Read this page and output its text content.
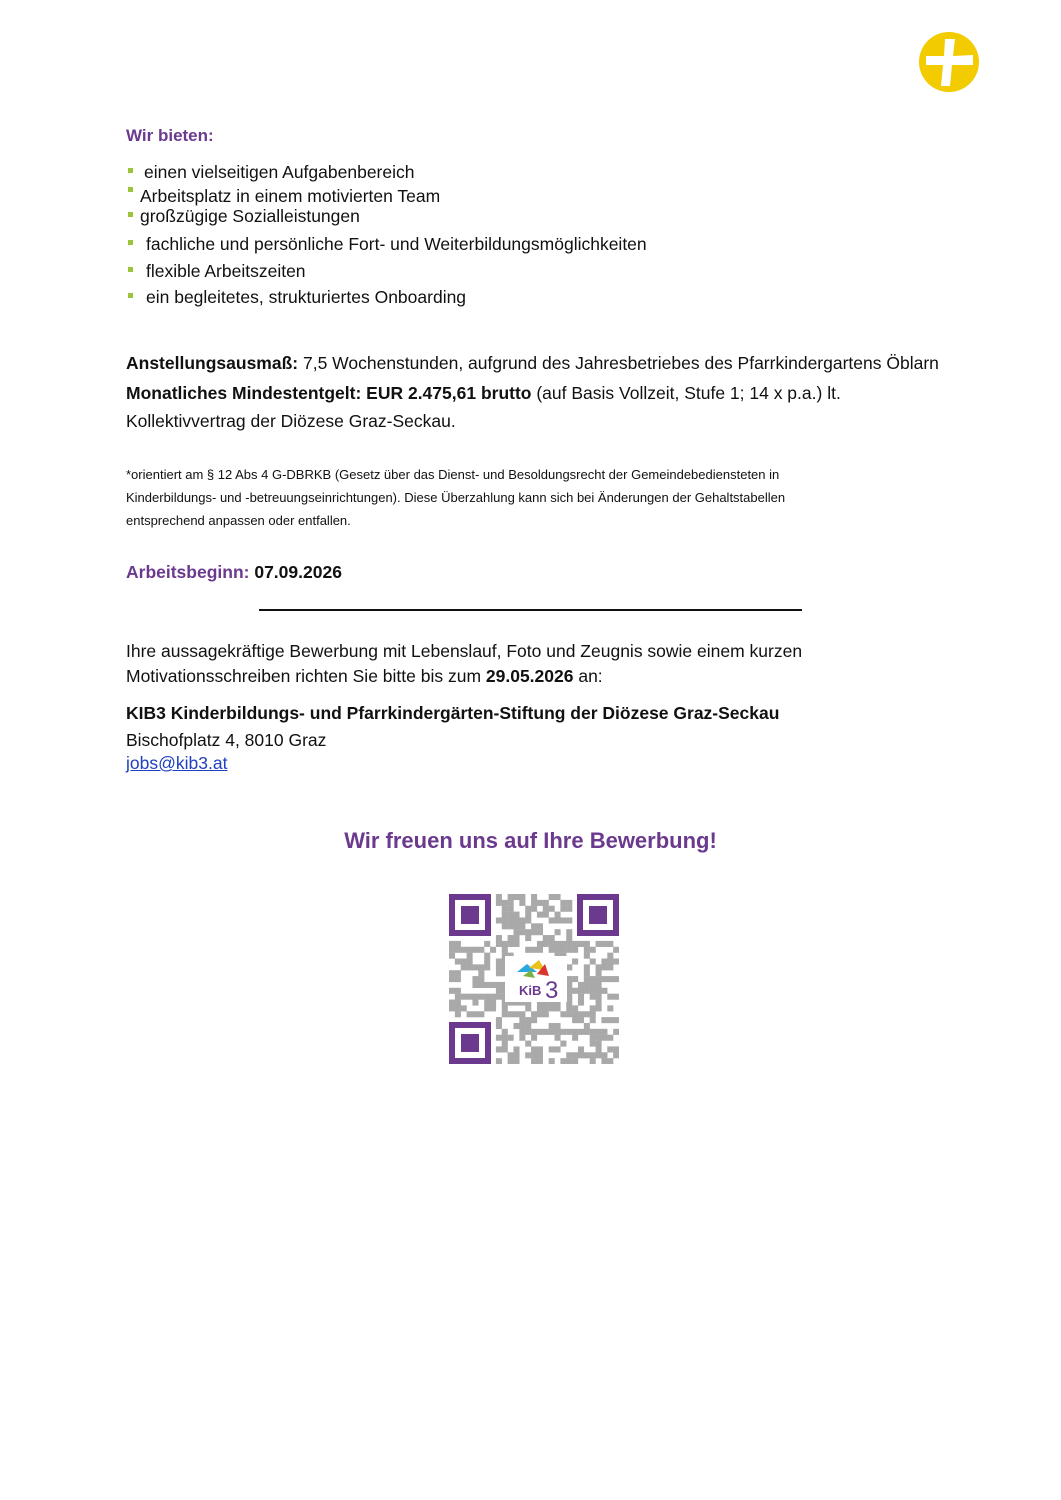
Wir bieten:
einen vielseitigen Aufgabenbereich
Arbeitsplatz in einem motivierten Team
großzügige Sozialleistungen
fachliche und persönliche Fort- und Weiterbildungsmöglichkeiten
flexible Arbeitszeiten
ein begleitetes, strukturiertes Onboarding
Anstellungsausmaß: 7,5 Wochenstunden, aufgrund des Jahresbetriebes des Pfarrkindergartens Öblarn
Monatliches Mindestentgelt: EUR 2.475,61 brutto (auf Basis Vollzeit, Stufe 1; 14 x p.a.) lt.
Kollektivvertrag der Diözese Graz-Seckau.
*orientiert am § 12 Abs 4 G-DBRKB (Gesetz über das Dienst- und Besoldungsrecht der Gemeindebediensteten in
Kinderbildungs- und -betreuungseinrichtungen). Diese Überzahlung kann sich bei Änderungen der Gehaltstabellen
entsprechend anpassen oder entfallen.
Arbeitsbeginn: 07.09.2026
Ihre aussagekräftige Bewerbung mit Lebenslauf, Foto und Zeugnis sowie einem kurzen
Motivationsschreiben richten Sie bitte bis zum 29.05.2026 an:
KIB3 Kinderbildungs- und Pfarrkindergärten-Stiftung der Diözese Graz-Seckau
Bischofplatz 4, 8010 Graz
jobs@kib3.at
Wir freuen uns auf Ihre Bewerbung!
KiB 3
